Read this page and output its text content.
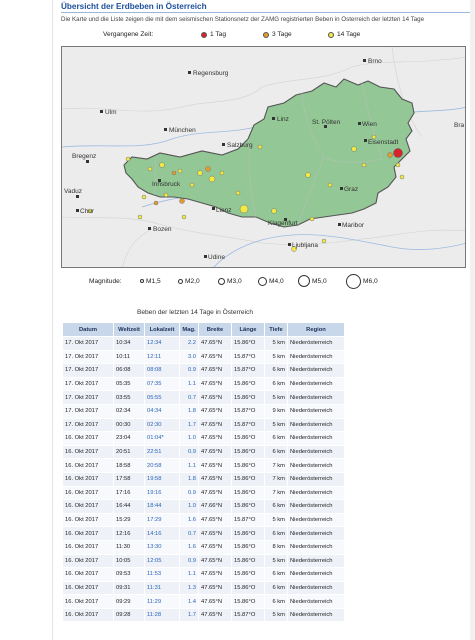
Übersicht der Erdbeben in Österreich
Die Karte und die Liste zeigen die mit dem seismischen Stationsnetz der ZAMG registrierten Beben in Österreich der letzten 14 Tage
Vergangene Zeit:	1 Tag	3 Tage	14 Tage
Brno
Regensburg
Linz	St. Pölten	Wien	Bra
Ulm
München
Eisenstadt
Salzburg
Bregenz
Innsbruck
Graz
Vaduz
Chur	Lienz
Klagenfurt
Bozen
Maribor
Ljubljana
Udine
Magnitude:	M1,5	M2,0	M3,0	M4,0	M5,0	M6,0
Beben der letzten 14 Tage in Österreich
Datum	Weltzeit	Lokalzeit	Mag.	Breite	Länge	Tiefe	Region
17. Okt 2017	10:34	12:34	2.2	47.65°N	15.86°O	5 km	Niederösterreich
17. Okt 2017	10:11	12:11	3.0	47.65°N	15.87°O	5 km	Niederösterreich
17. Okt 2017	06:08	08:08	0.9	47.65°N	15.87°O	6 km	Niederösterreich
17. Okt 2017	05:35	07:35	1.1	47.65°N	15.86°O	6 km	Niederösterreich
17. Okt 2017	03:55	05:55	0.7	47.65°N	15.86°O	5 km	Niederösterreich
17. Okt 2017	02:34	04:34	1.8	47.65°N	15.87°O	9 km	Niederösterreich
17. Okt 2017	00:30	02:30	1.7	47.65°N	15.87°O	5 km	Niederösterreich
16. Okt 2017	23:04	01:04*	1.0	47.65°N	15.86°O	6 km	Niederösterreich
16. Okt 2017	20:51	22:51	0.9	47.65°N	15.86°O	6 km	Niederösterreich
16. Okt 2017	18:58	20:58	1.1	47.65°N	15.86°O	7 km	Niederösterreich
16. Okt 2017	17:58	19:58	1.8	47.65°N	15.86°O	7 km	Niederösterreich
16. Okt 2017	17:16	19:16	0.9	47.65°N	15.86°O	7 km	Niederösterreich
16. Okt 2017	16:44	18:44	1.0	47.66°N	15.86°O	6 km	Niederösterreich
16. Okt 2017	15:29	17:29	1.6	47.65°N	15.87°O	5 km	Niederösterreich
16. Okt 2017	12:16	14:16	0.7	47.65°N	15.86°O	6 km	Niederösterreich
16. Okt 2017	11:30	13:30	1.6	47.65°N	15.86°O	8 km	Niederösterreich
16. Okt 2017	10:05	12:05	0.9	47.65°N	15.86°O	5 km	Niederösterreich
16. Okt 2017	09:53	11:53	1.1	47.65°N	15.86°O	6 km	Niederösterreich
16. Okt 2017	09:31	11:31	1.3	47.65°N	15.86°O	6 km	Niederösterreich
16. Okt 2017	09:29	11:29	1.4	47.65°N	15.86°O	6 km	Niederösterreich
16. Okt 2017	09:28	11:28	1.7	47.65°N	15.87°O	5 km	Niederösterreich
